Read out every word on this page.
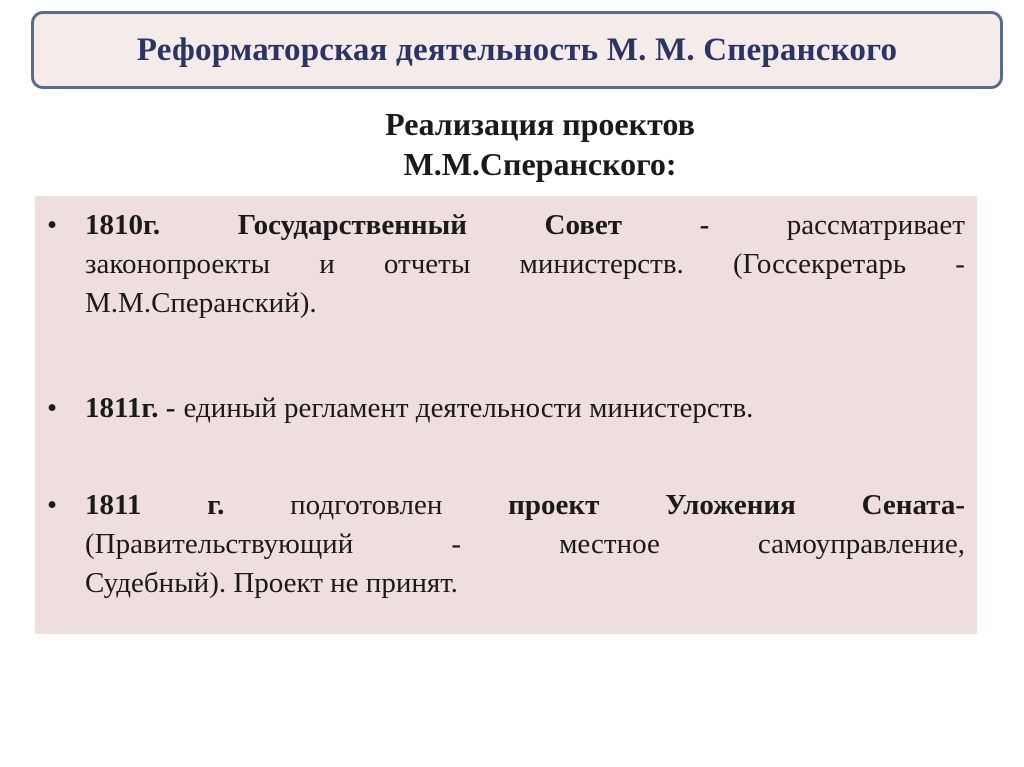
Реформаторская деятельность М. М. Сперанского
Реализация проектов
М.М.Сперанского:
• 1810г.	Государственный	Совет	-	рассматривает
законопроекты и отчеты министерств. (Госсекретарь -
М.М.Сперанский).
• 1811г. - единый регламент деятельности министерств.
• 1811 г. подготовлен проект Уложения Сената-
(Правительствующий	-	местное	самоуправление,
Судебный). Проект не принят.
